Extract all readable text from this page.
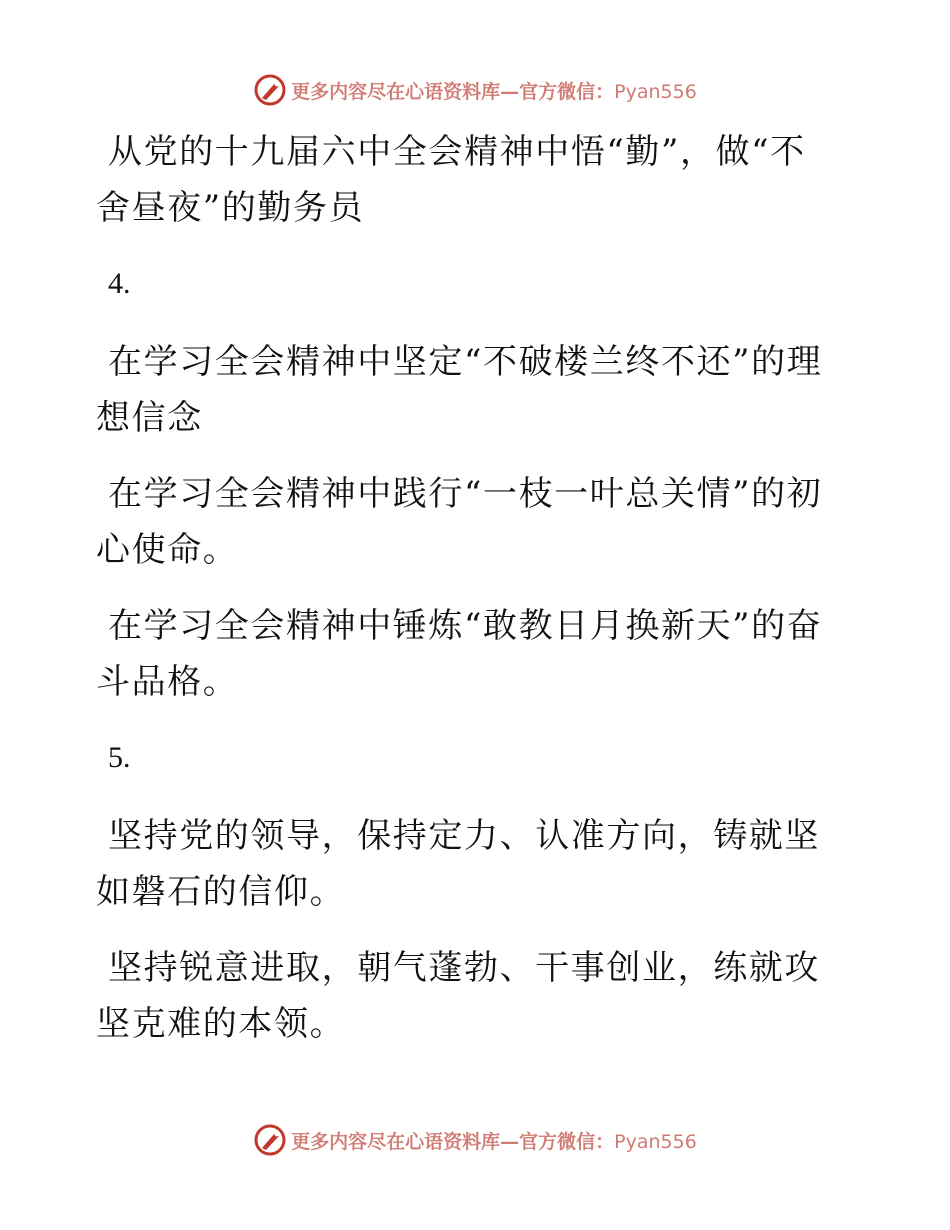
更多内容尽在心语资料库—官方微信：Pyan556

从党的十九届六中全会精神中悟“勤”，做“不舍昼夜”的勤务员

4.

在学习全会精神中坚定“不破楼兰终不还”的理想信念

在学习全会精神中践行“一枝一叶总关情”的初心使命。

在学习全会精神中锤炼“敢教日月换新天”的奋斗品格。

5.

坚持党的领导，保持定力、认准方向，铸就坚如磐石的信仰。

坚持锐意进取，朝气蓬勃、干事创业，练就攻坚克难的本领。

更多内容尽在心语资料库—官方微信：Pyan556
